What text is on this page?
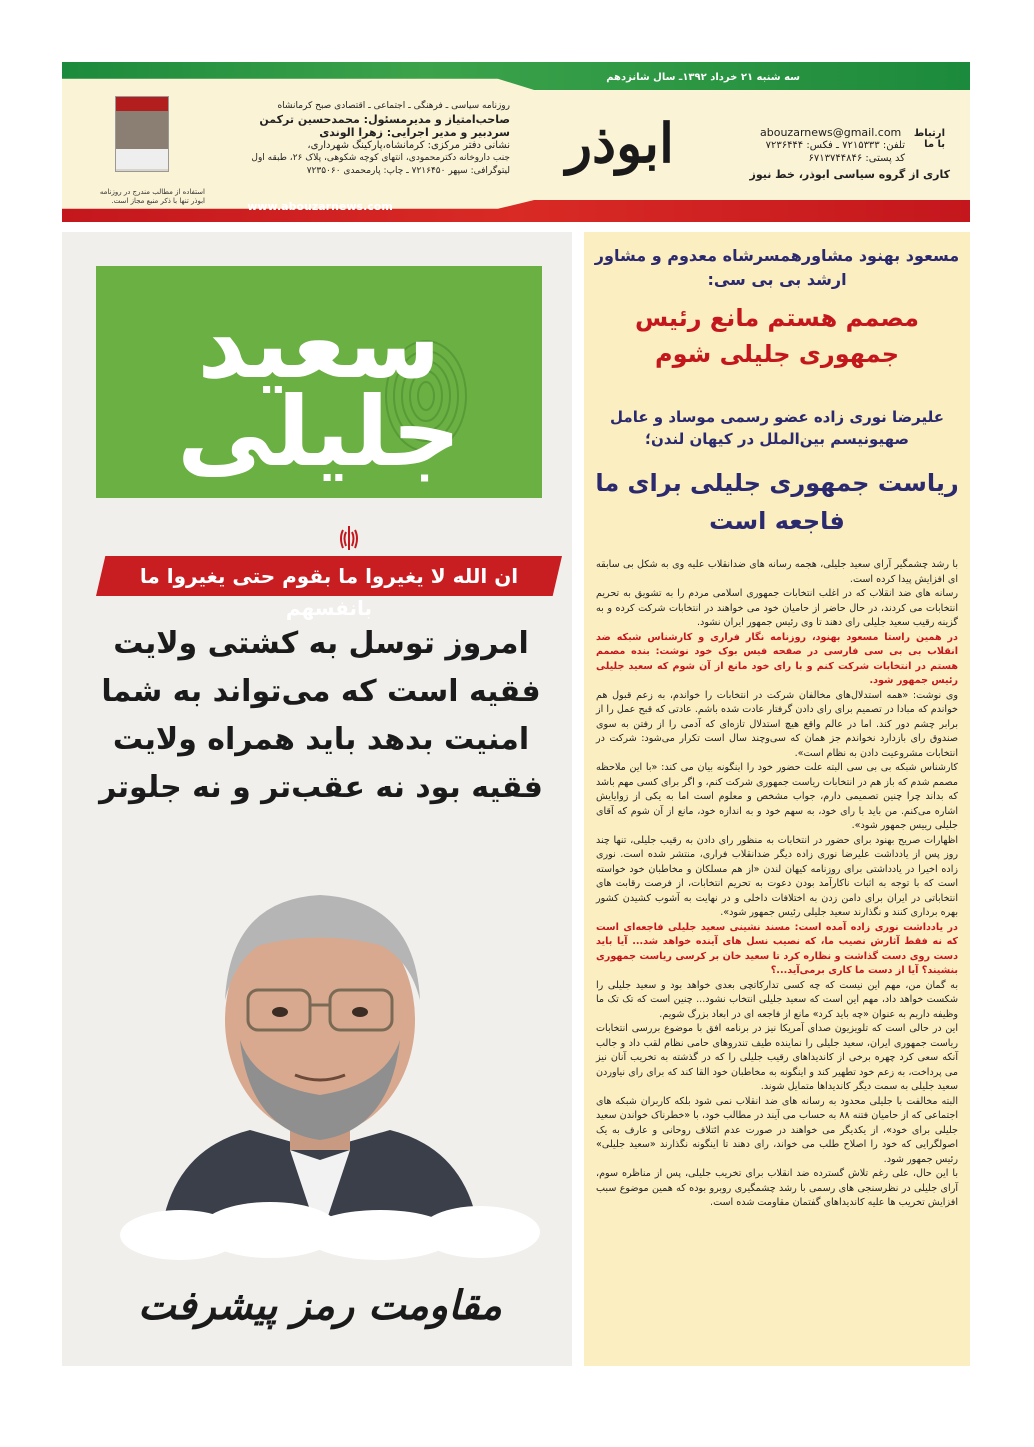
سه شنبه ۲۱ خرداد ۱۳۹۲ـ سال شانزدهم
ابوذر	ارتباط با ما
abouzarnews@gmail.com
تلفن: ۷۲۱۵۳۳۳ ـ فکس: ۷۲۳۶۴۴۴
کد پستی: ۶۷۱۳۷۴۴۸۴۶
کاری از گروه سیاسی ابوذر، خط نیوز
روزنامه سیاسی ـ فرهنگی ـ اجتماعی ـ اقتصادی صبح کرمانشاه
صاحب‌امتیاز و مدیرمسئول: محمدحسین ترکمن
سردبیر و مدیر اجرایی: زهرا الوندی
نشانی دفتر مرکزی: کرمانشاه،پارکینگ شهرداری،
جنب داروخانه دکترمحمودی، انتهای کوچه شکوهی، پلاک ۲۶، طبقه اول
لیتوگرافی: سپهر ۷۲۱۶۴۵۰ ـ چاپ: پارمحمدی ۷۲۳۵۰۶۰
استفاده از مطالب مندرج در روزنامه ابوذر تنها با ذکر منبع مجاز است.	www.abouzarnews.com
سعید
جلیلی
ان الله لا یغیروا ما بقوم حتی یغیروا ما بانفسهم
امروز توسل به کشتی ولایت
فقیه است که می‌تواند به شما
امنیت بدهد باید همراه ولایت
فقیه بود نه عقب‌تر و نه جلوتر
مقاومت رمز پیشرفت
مسعود بهنود مشاورهمسرشاه معدوم و مشاور ارشد بی بی سی:
مصمم هستم مانع رئیس جمهوری جلیلی شوم
علیرضا نوری زاده عضو رسمی موساد و عامل صهیونیسم بین‌الملل در کیهان لندن؛
ریاست جمهوری جلیلی برای ما فاجعه است

با رشد چشمگیر آرای سعید جلیلی، هجمه رسانه های ضدانقلاب علیه وی به شکل بی سابقه ای افزایش پیدا کرده است.

رسانه های ضد انقلاب که در اغلب انتخابات جمهوری اسلامی مردم را به تشویق به تحریم انتخابات می کردند، در حال حاضر از حامیان خود می خواهند در انتخابات شرکت کرده و به گزینه رقیب سعید جلیلی رای دهند تا وی رئیس جمهور ایران نشود.

در همین راستا مسعود بهنود، روزنامه نگار فراری و کارشناس شبکه ضد انقلاب بی بی سی فارسی در صفحه فیس بوک خود نوشت: بنده مصمم هستم در انتخابات شرکت کنم و با رای خود مانع از آن شوم که سعید جلیلی رئیس جمهور شود.

وی نوشت: «همه استدلال‌های مخالفان شرکت در انتخابات را خواندم، به زعم قبول هم خواندم که مبادا در تصمیم برای رای دادن گرفتار عادت شده باشم. عادتی که قبح عمل را از برابر چشم دور کند. اما در عالم واقع هیچ استدلال تازه‌ای که آدمی را از رفتن به سوی صندوق رای بازدارد نخواندم جز همان که سی‌وچند سال است تکرار می‌شود: شرکت در انتخابات مشروعیت دادن به نظام است».

کارشناس شبکه بی بی سی البته علت حضور خود را اینگونه بیان می کند: «با این ملاحظه مصمم شدم که باز هم در انتخابات ریاست جمهوری شرکت کنم، و اگر برای کسی مهم باشد که بداند چرا چنین تصمیمی دارم، جواب مشخص و معلوم است اما به یکی از زوایایش اشاره می‌کنم. من باید با رای خود، به سهم خود و به اندازه خود، مانع از آن شوم که آقای جلیلی رییس جمهور شود».

اظهارات صریح بهنود برای حضور در انتخابات به منظور رای دادن به رقیب جلیلی، تنها چند روز پس از یادداشت علیرضا نوری زاده دیگر ضدانقلاب فراری، منتشر شده است. نوری زاده اخیرا در یادداشتی برای روزنامه کیهان لندن «از هم مسلکان و مخاطبان خود خواسته است که با توجه به اثبات ناکارآمد بودن دعوت به تحریم انتخابات، از فرصت رقابت های انتخاباتی در ایران برای دامن زدن به اختلافات داخلی و در نهایت به آشوب کشیدن کشور بهره برداری کنند و نگذارند سعید جلیلی رئیس جمهور شود».

در یادداشت نوری زاده آمده است: مسند نشینی سعید جلیلی فاجعه‌ای است که نه فقط آثارش نصیب ما، که نصیب نسل های آینده خواهد شد... آیا باید دست روی دست گذاشت و نظاره کرد تا سعید خان بر کرسی ریاست جمهوری بنشیند؟ آیا از دست ما کاری برمی‌آید...؟

به گمان من، مهم این نیست که چه کسی تدارکاتچی بعدی خواهد بود و سعید جلیلی را شکست خواهد داد، مهم این است که سعید جلیلی انتخاب نشود... چنین است که تک تک ما وظیفه داریم به عنوان «چه باید کرد» مانع از فاجعه ای در ابعاد بزرگ شویم.

این در حالی است که تلویزیون صدای آمریکا نیز در برنامه افق با موضوع بررسی انتخابات ریاست جمهوری ایران، سعید جلیلی را نماینده طیف تندروهای حامی نظام لقب داد و جالب آنکه سعی کرد چهره برخی از کاندیداهای رقیب جلیلی را که در گذشته به تخریب آنان نیز می پرداخت، به زعم خود تطهیر کند و اینگونه به مخاطبان خود القا کند که برای رای نیاوردن سعید جلیلی به سمت دیگر کاندیداها متمایل شوند.

البته مخالفت با جلیلی محدود به رسانه های ضد انقلاب نمی شود بلکه کاربران شبکه های اجتماعی که از حامیان فتنه ۸۸ به حساب می آیند در مطالب خود، با «خطرناک خواندن سعید جلیلی برای خود»، از یکدیگر می خواهند در صورت عدم ائتلاف روحانی و عارف به یک اصولگرایی که خود را اصلاح طلب می خواند، رای دهند تا اینگونه نگذارند «سعید جلیلی» رئیس جمهور شود.

با این حال، علی رغم تلاش گسترده ضد انقلاب برای تخریب جلیلی، پس از مناظره سوم، آرای جلیلی در نظرسنجی های رسمی با رشد چشمگیری روبرو بوده که همین موضوع سبب افزایش تخریب ها علیه کاندیداهای گفتمان مقاومت شده است.
